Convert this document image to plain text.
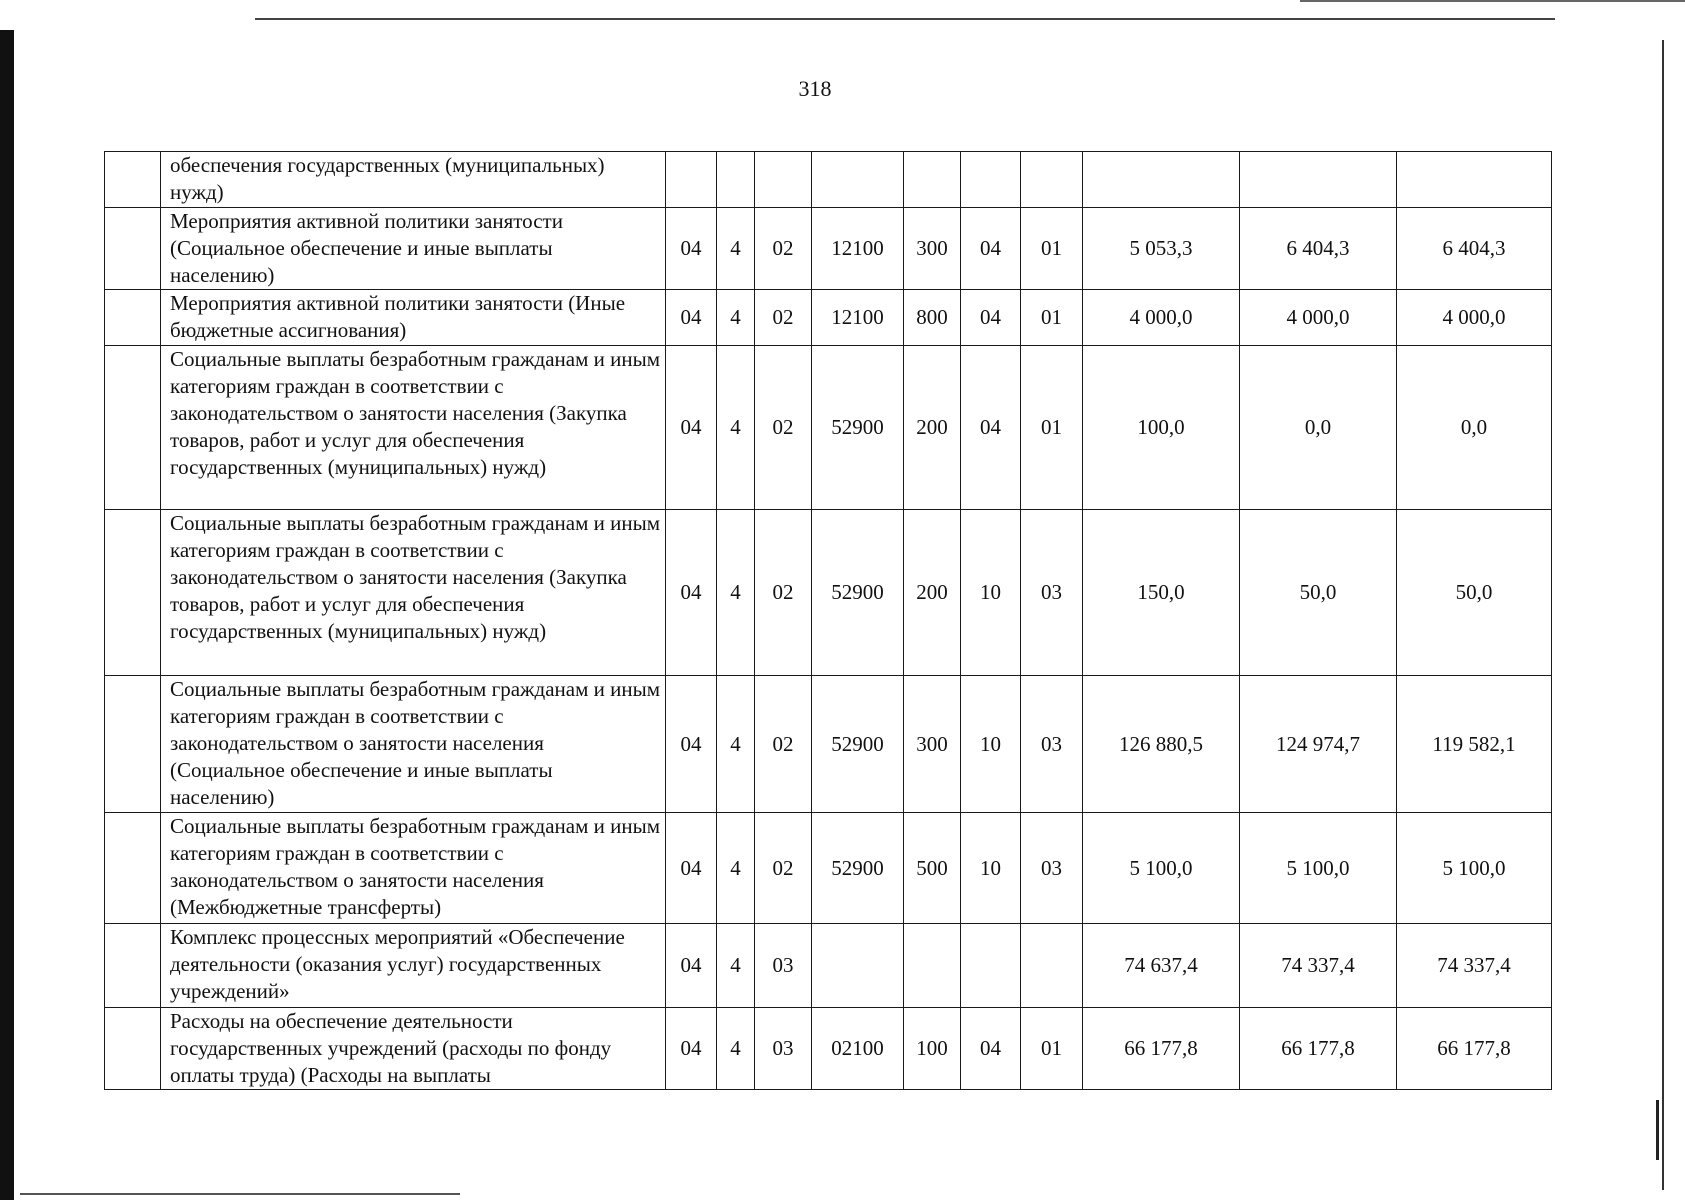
318
	обеспечения государственных (муниципальных) нужд)										
	Мероприятия активной политики занятости (Социальное обеспечение и иные выплаты населению)	04	4	02	12100	300	04	01	5 053,3	6 404,3	6 404,3
	Мероприятия активной политики занятости (Иные бюджетные ассигнования)	04	4	02	12100	800	04	01	4 000,0	4 000,0	4 000,0
	Социальные выплаты безработным гражданам и иным категориям граждан в соответствии с законодательством о занятости населения (Закупка товаров, работ и услуг для обеспечения государственных (муниципальных) нужд)	04	4	02	52900	200	04	01	100,0	0,0	0,0
	Социальные выплаты безработным гражданам и иным категориям граждан в соответствии с законодательством о занятости населения (Закупка товаров, работ и услуг для обеспечения государственных (муниципальных) нужд)	04	4	02	52900	200	10	03	150,0	50,0	50,0
	Социальные выплаты безработным гражданам и иным категориям граждан в соответствии с законодательством о занятости населения (Социальное обеспечение и иные выплаты населению)	04	4	02	52900	300	10	03	126 880,5	124 974,7	119 582,1
	Социальные выплаты безработным гражданам и иным категориям граждан в соответствии с законодательством о занятости населения (Межбюджетные трансферты)	04	4	02	52900	500	10	03	5 100,0	5 100,0	5 100,0
	Комплекс процессных мероприятий «Обеспечение деятельности (оказания услуг) государственных учреждений»	04	4	03					74 637,4	74 337,4	74 337,4
	Расходы на обеспечение деятельности государственных учреждений (расходы по фонду оплаты труда) (Расходы на выплаты	04	4	03	02100	100	04	01	66 177,8	66 177,8	66 177,8
